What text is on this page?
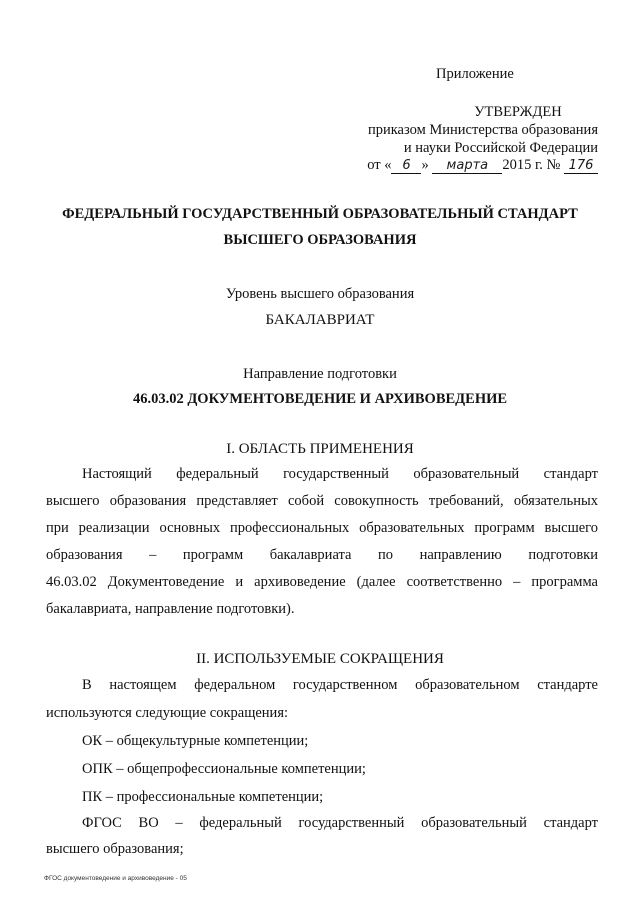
Приложение
УТВЕРЖДЕН
приказом Министерства образования
и науки Российской Федерации
от « 6 » марта 2015 г. № 176
ФЕДЕРАЛЬНЫЙ ГОСУДАРСТВЕННЫЙ ОБРАЗОВАТЕЛЬНЫЙ СТАНДАРТ
ВЫСШЕГО ОБРАЗОВАНИЯ
Уровень высшего образования
БАКАЛАВРИАТ
Направление подготовки
46.03.02 ДОКУМЕНТОВЕДЕНИЕ И АРХИВОВЕДЕНИЕ
I. ОБЛАСТЬ ПРИМЕНЕНИЯ
Настоящий федеральный государственный образовательный стандарт
высшего образования представляет собой совокупность требований, обязательных
при реализации основных профессиональных образовательных программ высшего
образования – программ бакалавриата по направлению подготовки
46.03.02 Документоведение и архивоведение (далее соответственно – программа
бакалавриата, направление подготовки).
II. ИСПОЛЬЗУЕМЫЕ СОКРАЩЕНИЯ
В настоящем федеральном государственном образовательном стандарте
используются следующие сокращения:
ОК – общекультурные компетенции;
ОПК – общепрофессиональные компетенции;
ПК – профессиональные компетенции;
ФГОС ВО – федеральный государственный образовательный стандарт
высшего образования;
ФГОС документоведение и архивоведение - 05
